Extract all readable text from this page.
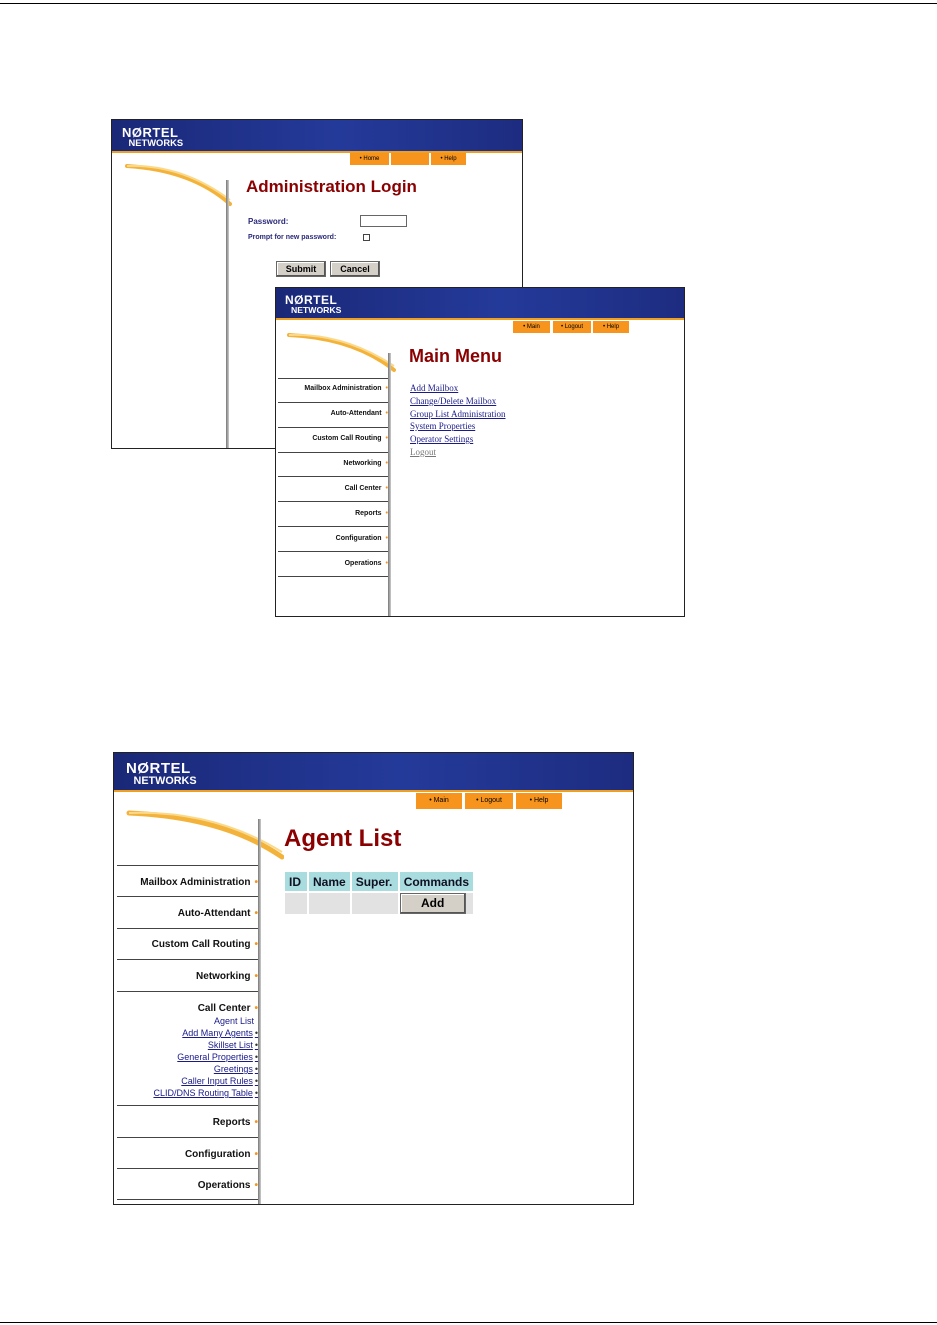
NØRTEL
NETWORKS
• Home	• Help
Administration Login
Password:
Prompt for new password:
Submit	Cancel
NØRTEL
NETWORKS
• Main	• Logout	• Help
Main Menu
Mailbox Administration •
Auto-Attendant •
Custom Call Routing •
Networking •
Call Center •
Reports •
Configuration •
Operations •
Add Mailbox
Change/Delete Mailbox
Group List Administration
System Properties
Operator Settings
Logout
NØRTEL
NETWORKS
• Main	• Logout	• Help
Agent List
Mailbox Administration •
Auto-Attendant •
Custom Call Routing •
Networking •
Call Center •
Agent List
Add Many Agents •
Skillset List •
General Properties •
Greetings •
Caller Input Rules •
CLID/DNS Routing Table •
Reports •
Configuration •
Operations •
ID	Name	Super.	Commands

			Add
